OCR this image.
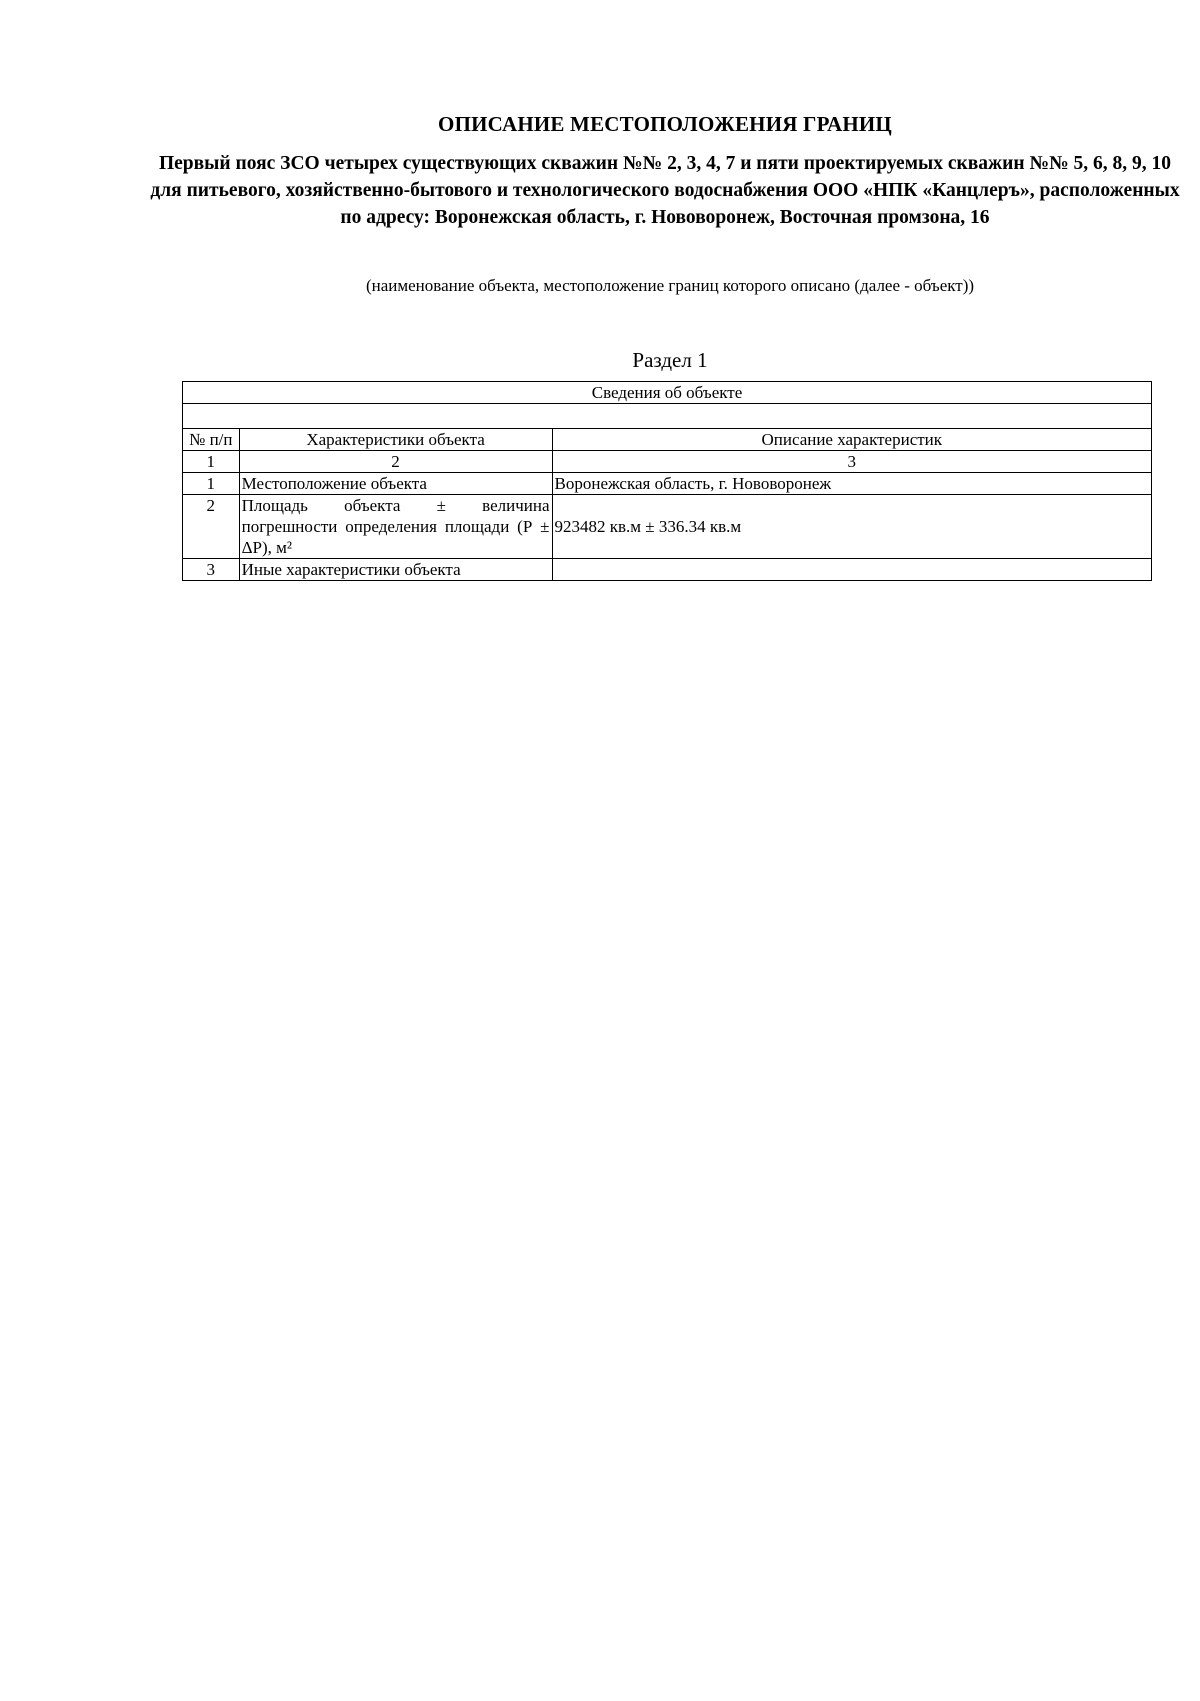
ОПИСАНИЕ МЕСТОПОЛОЖЕНИЯ ГРАНИЦ
Первый пояс ЗСО четырех существующих скважин №№ 2, 3, 4, 7 и пяти проектируемых скважин №№ 5, 6, 8, 9, 10 для питьевого, хозяйственно-бытового и технологического водоснабжения ООО «НПК «Канцлеръ», расположенных по адресу: Воронежская область, г. Нововоронеж, Восточная промзона, 16
(наименование объекта, местоположение границ которого описано (далее - объект))
Раздел 1
Сведения об объекте		

№ п/п	Характеристики объекта	Описание характеристик
1	2	3
1	Местоположение объекта	Воронежская область, г. Нововоронеж
2	Площадь объекта ± величина погрешности определения площади (Р ± ΔР), м²	923482 кв.м ± 336.34 кв.м
3	Иные характеристики объекта	
